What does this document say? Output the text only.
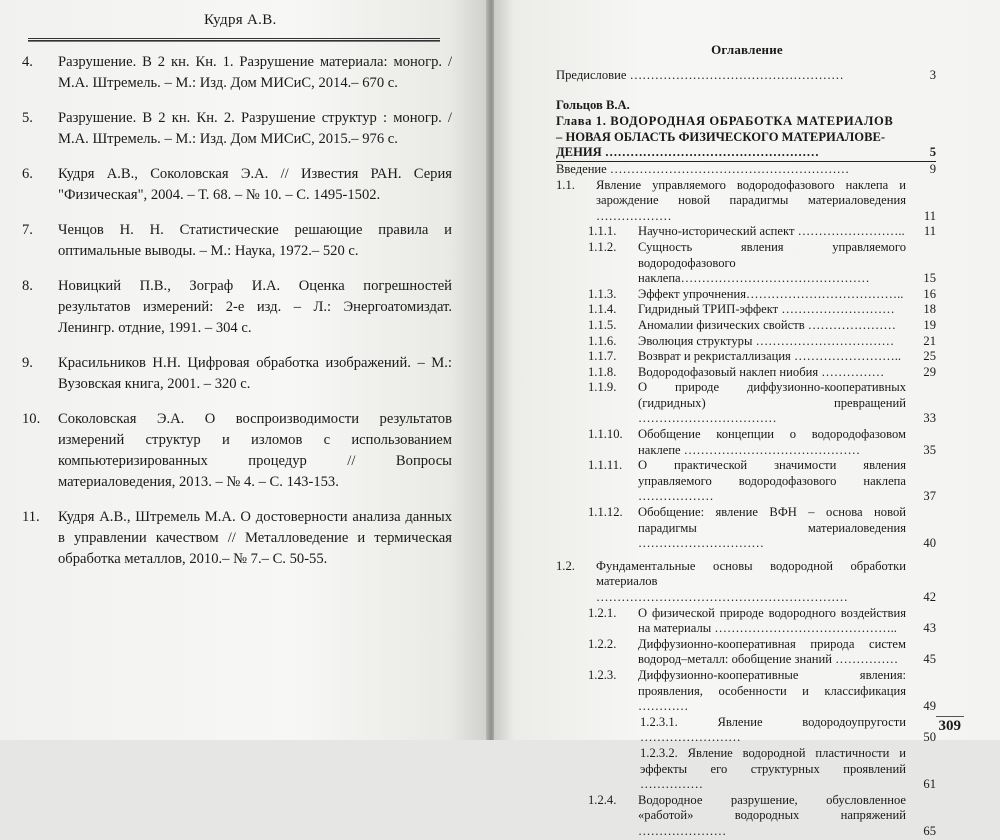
Кудря А.В.
4.	Разрушение. В 2 кн. Кн. 1. Разрушение материала: моногр. / М.А. Штремель. – М.: Изд. Дом МИСиС, 2014.– 670 с.
5.	Разрушение. В 2 кн. Кн. 2. Разрушение структур : моногр. / М.А. Штремель. – М.: Изд. Дом МИСиС, 2015.– 976 с.
6.	Кудря А.В., Соколовская Э.А. // Известия РАН. Серия "Физическая", 2004. – Т. 68. – № 10. – С. 1495-1502.
7.	Ченцов Н. Н. Статистические решающие правила и оптимальные выводы. – М.: Наука, 1972.– 520 с.
8.	Новицкий П.В., Зограф И.А. Оценка погрешностей результатов измерений: 2-е изд. – Л.: Энергоатомиздат. Ленингр. отдние, 1991. – 304 с.
9.	Красильников Н.Н. Цифровая обработка изображений. – М.: Вузовская книга, 2001. – 320 с.
10.	Соколовская Э.А. О воспроизводимости результатов измерений структур и изломов с использованием компьютеризированных процедур // Вопросы материаловедения, 2013. – № 4. – С. 143-153.
11.	Кудря А.В., Штремель М.А. О достоверности анализа данных в управлении качеством // Металловедение и термическая обработка металлов, 2010.– № 7.– С. 50-55.
Оглавление
Предисловие ……………………………………………	3
Гольцов В.А.
Глава 1. ВОДОРОДНАЯ ОБРАБОТКА МАТЕРИАЛОВ
– НОВАЯ ОБЛАСТЬ ФИЗИЧЕСКОГО МАТЕРИАЛОВЕ-
ДЕНИЯ ……………………………………………	5
Введение …………………………………………………	9
1.1.	Явление управляемого водородофазового наклепа и зарождение новой парадигмы материаловедения ………………	11
1.1.1.	Научно-исторический аспект ……………………..	11
1.1.2.	Сущность явления управляемого водородофазового наклепа………………………………………	15
1.1.3.	Эффект упрочнения………………………………..	16
1.1.4.	Гидридный ТРИП-эффект ………………………	18
1.1.5.	Аномалии физических свойств …………………	19
1.1.6.	Эволюция структуры ……………………………	21
1.1.7.	Возврат и рекристаллизация ……………………..	25
1.1.8.	Водородофазовый наклеп ниобия ……………	29
1.1.9.	О природе диффузионно-кооперативных (гидридных) превращений ……………………………	33
1.1.10.	Обобщение концепции о водородофазовом наклепе ……………………………………	35
1.1.11.	О практической значимости явления управляемого водородофазового наклепа ………………	37
1.1.12.	Обобщение: явление ВФН – основа новой парадигмы материаловедения …………………………	40
1.2.	Фундаментальные основы водородной обработки материалов ……………………………………………………	42
1.2.1.	О физической природе водородного воздействия на материалы ……………………………………..	43
1.2.2.	Диффузионно-кооперативная природа систем водород–металл: обобщение знаний ……………	45
1.2.3.	Диффузионно-кооперативные явления: проявления, особенности и классификация …………	49
1.2.3.1. Явление водородоупругости ……………………	50
1.2.3.2. Явление водородной пластичности и эффекты его структурных проявлений ……………	61
1.2.4.	Водородное разрушение, обусловленное «работой» водородных напряжений …………………	65
309
